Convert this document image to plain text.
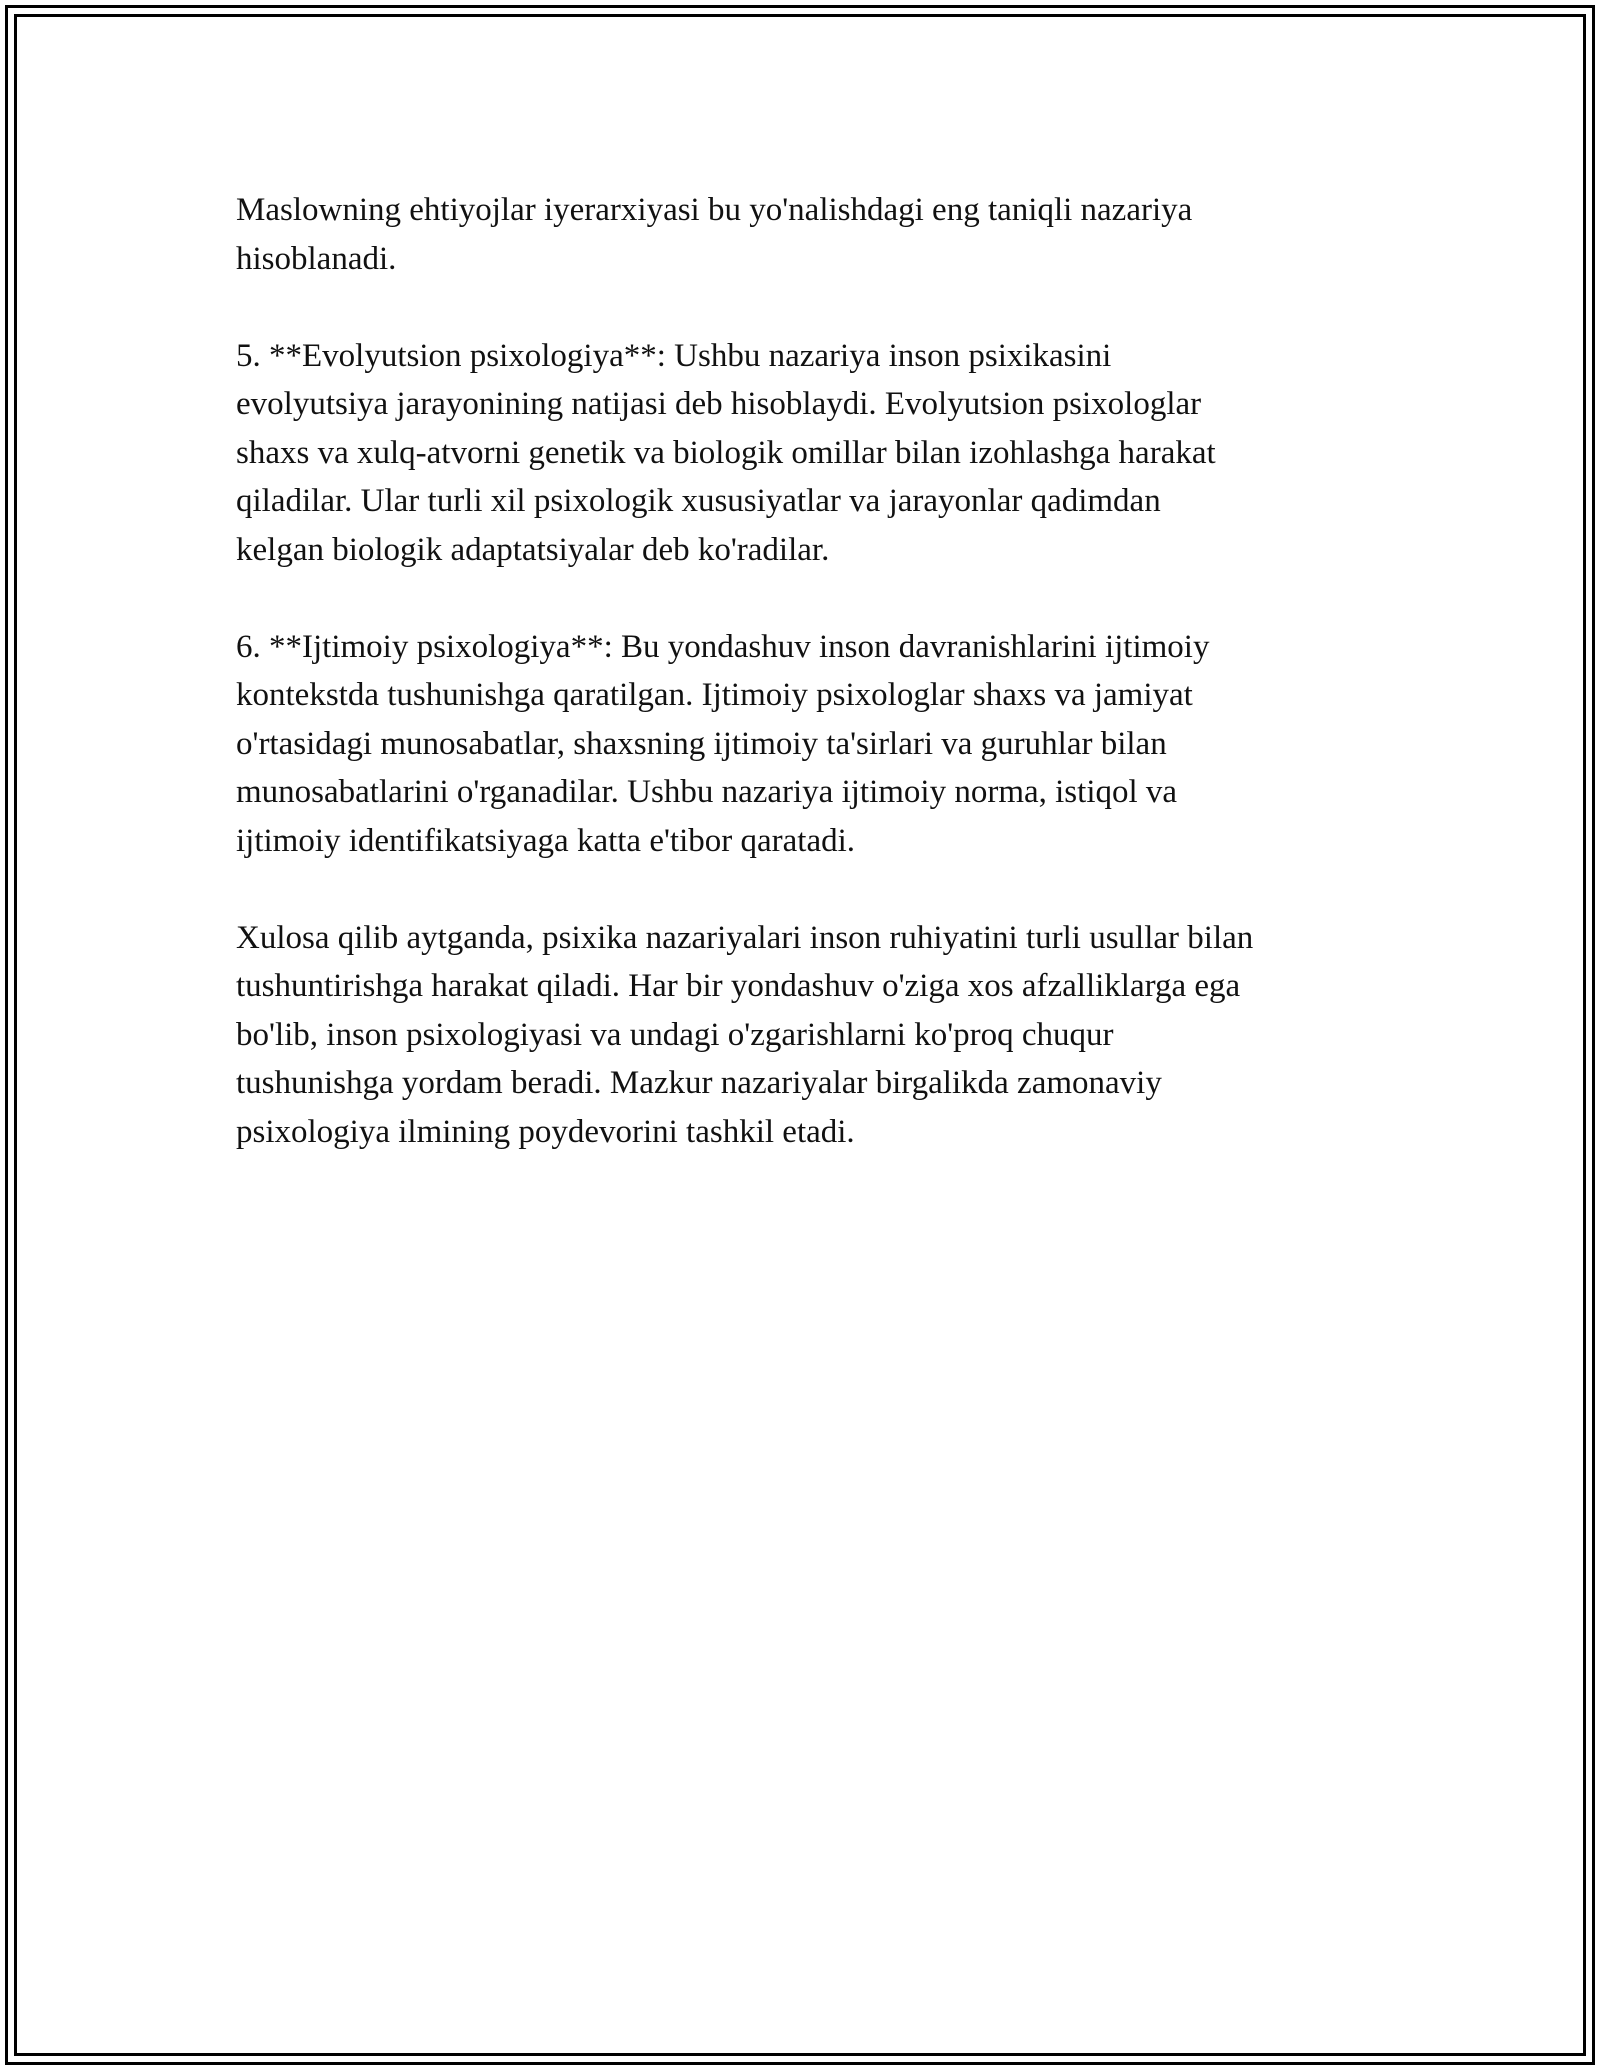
Maslowning ehtiyojlar iyerarxiyasi bu yo'nalishdagi eng taniqli nazariya
hisoblanadi.

5. **Evolyutsion psixologiya**: Ushbu nazariya inson psixikasini
evolyutsiya jarayonining natijasi deb hisoblaydi. Evolyutsion psixologlar
shaxs va xulq-atvorni genetik va biologik omillar bilan izohlashga harakat
qiladilar. Ular turli xil psixologik xususiyatlar va jarayonlar qadimdan
kelgan biologik adaptatsiyalar deb ko'radilar.

6. **Ijtimoiy psixologiya**: Bu yondashuv inson davranishlarini ijtimoiy
kontekstda tushunishga qaratilgan. Ijtimoiy psixologlar shaxs va jamiyat
o'rtasidagi munosabatlar, shaxsning ijtimoiy ta'sirlari va guruhlar bilan
munosabatlarini o'rganadilar. Ushbu nazariya ijtimoiy norma, istiqol va
ijtimoiy identifikatsiyaga katta e'tibor qaratadi.

Xulosa qilib aytganda, psixika nazariyalari inson ruhiyatini turli usullar bilan
tushuntirishga harakat qiladi. Har bir yondashuv o'ziga xos afzalliklarga ega
bo'lib, inson psixologiyasi va undagi o'zgarishlarni ko'proq chuqur
tushunishga yordam beradi. Mazkur nazariyalar birgalikda zamonaviy
psixologiya ilmining poydevorini tashkil etadi.
